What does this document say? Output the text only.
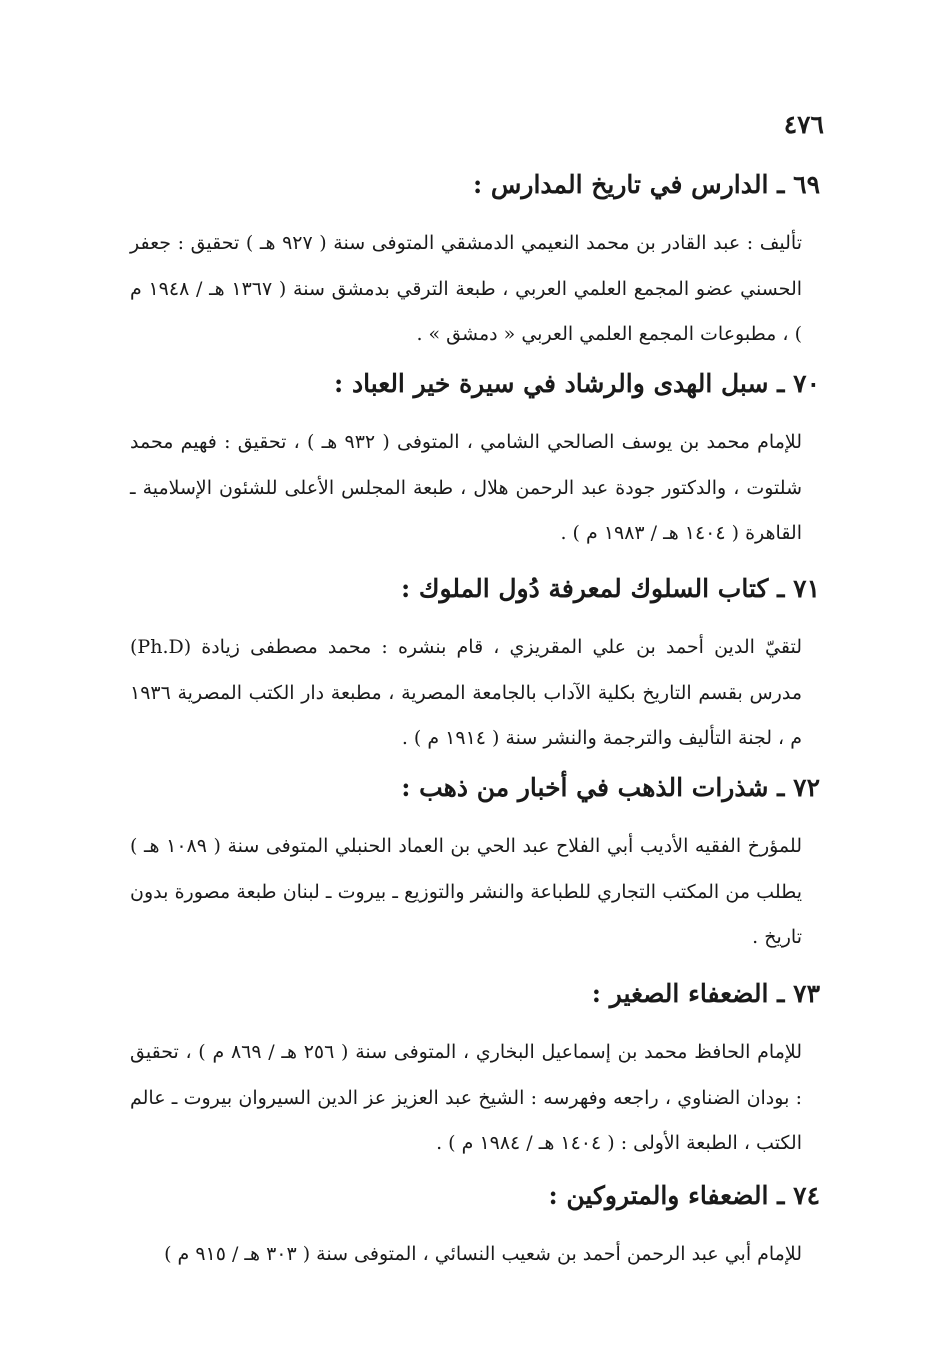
٤٧٦
٦٩ ـ الدارس في تاريخ المدارس :

تأليف : عبد القادر بن محمد النعيمي الدمشقي المتوفى سنة ( ٩٢٧ هـ ) تحقيق : جعفر الحسني عضو المجمع العلمي العربي ، طبعة الترقي بدمشق سنة ( ١٣٦٧ هـ / ١٩٤٨ م ) ، مطبوعات المجمع العلمي العربي « دمشق » .

٧٠ ـ سبل الهدى والرشاد في سيرة خير العباد :

للإمام محمد بن يوسف الصالحي الشامي ، المتوفى ( ٩٣٢ هـ ) ، تحقيق : فهيم محمد شلتوت ، والدكتور جودة عبد الرحمن هلال ، طبعة المجلس الأعلى للشئون الإسلامية ـ القاهرة ( ١٤٠٤ هـ / ١٩٨٣ م ) .

٧١ ـ كتاب السلوك لمعرفة دُول الملوك :

لتقيّ الدين أحمد بن علي المقريزي ، قام بنشره : محمد مصطفى زيادة (Ph.D) مدرس بقسم التاريخ بكلية الآداب بالجامعة المصرية ، مطبعة دار الكتب المصرية ١٩٣٦ م ، لجنة التأليف والترجمة والنشر سنة ( ١٩١٤ م ) .

٧٢ ـ شذرات الذهب في أخبار من ذهب :

للمؤرخ الفقيه الأديب أبي الفلاح عبد الحي بن العماد الحنبلي المتوفى سنة ( ١٠٨٩ هـ ) يطلب من المكتب التجاري للطباعة والنشر والتوزيع ـ بيروت ـ لبنان طبعة مصورة بدون تاريخ .

٧٣ ـ الضعفاء الصغير :

للإمام الحافظ محمد بن إسماعيل البخاري ، المتوفى سنة ( ٢٥٦ هـ / ٨٦٩ م ) ، تحقيق : بودان الضناوي ، راجعه وفهرسه : الشيخ عبد العزيز عز الدين السيروان بيروت ـ عالم الكتب ، الطبعة الأولى : ( ١٤٠٤ هـ / ١٩٨٤ م ) .

٧٤ ـ الضعفاء والمتروكين :

للإمام أبي عبد الرحمن أحمد بن شعيب النسائي ، المتوفى سنة ( ٣٠٣ هـ / ٩١٥ م )
